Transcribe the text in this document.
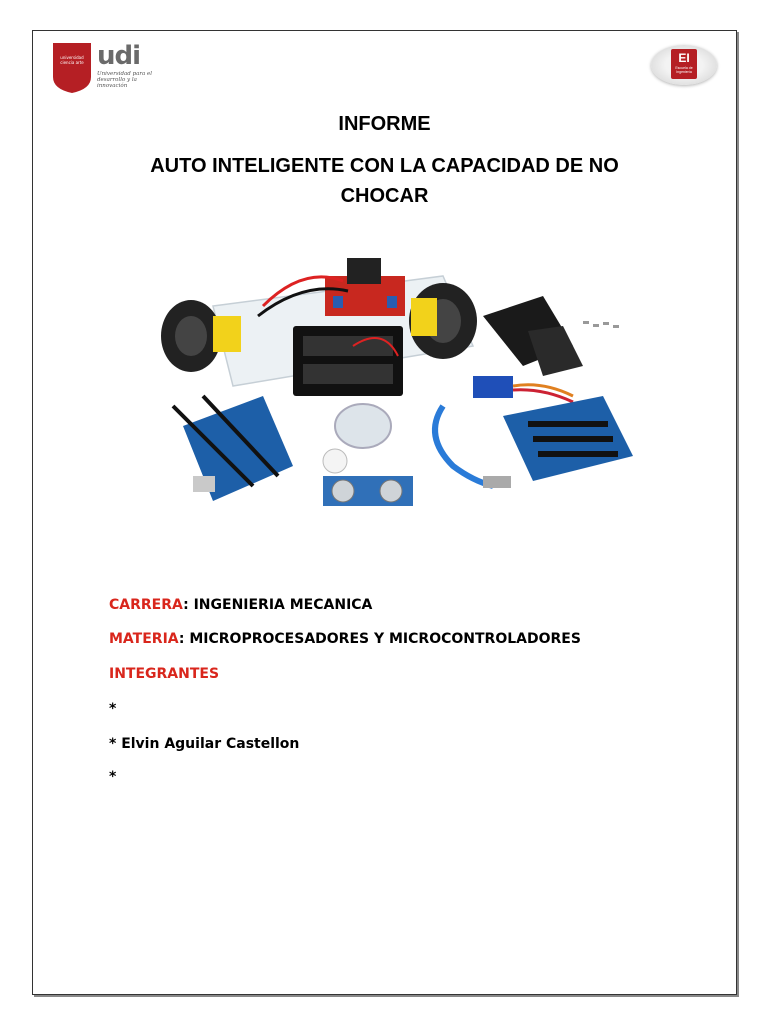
universidad ciencia arte udi
Universidad para el desarrollo y la innovación
EI
Escuela de Ingeniería
INFORME
AUTO INTELIGENTE CON LA CAPACIDAD DE NO CHOCAR
CARRERA: INGENIERIA MECANICA
MATERIA: MICROPROCESADORES Y MICROCONTROLADORES
INTEGRANTES
*
* Elvin Aguilar Castellon
*
